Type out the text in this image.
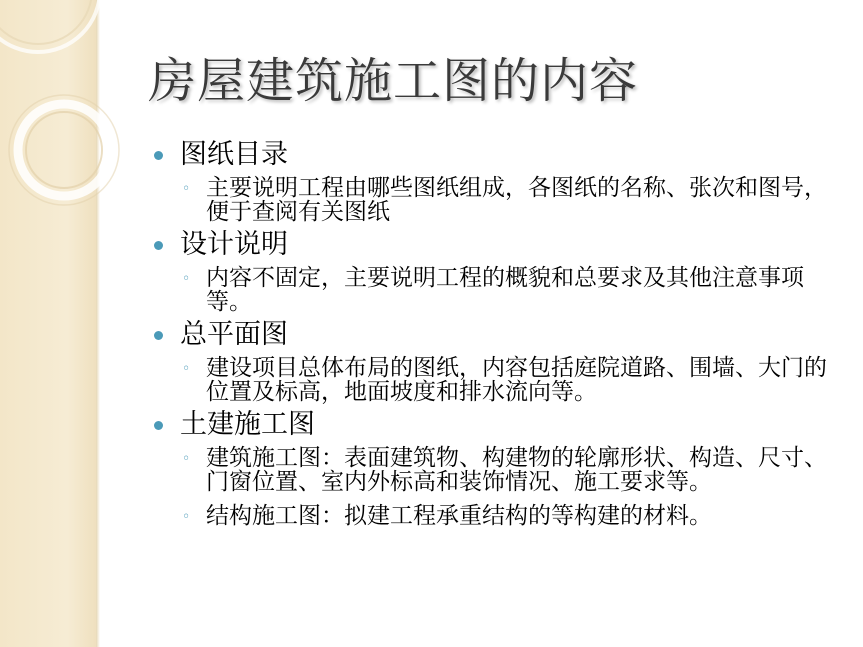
房屋建筑施工图的内容
图纸目录
◦ 主要说明工程由哪些图纸组成，各图纸的名称、张次和图号，便于查阅有关图纸
设计说明
◦ 内容不固定，主要说明工程的概貌和总要求及其他注意事项等。
总平面图
◦ 建设项目总体布局的图纸，内容包括庭院道路、围墙、大门的位置及标高，地面坡度和排水流向等。
土建施工图
◦ 建筑施工图：表面建筑物、构建物的轮廓形状、构造、尺寸、门窗位置、室内外标高和装饰情况、施工要求等。
◦ 结构施工图：拟建工程承重结构的等构建的材料。
